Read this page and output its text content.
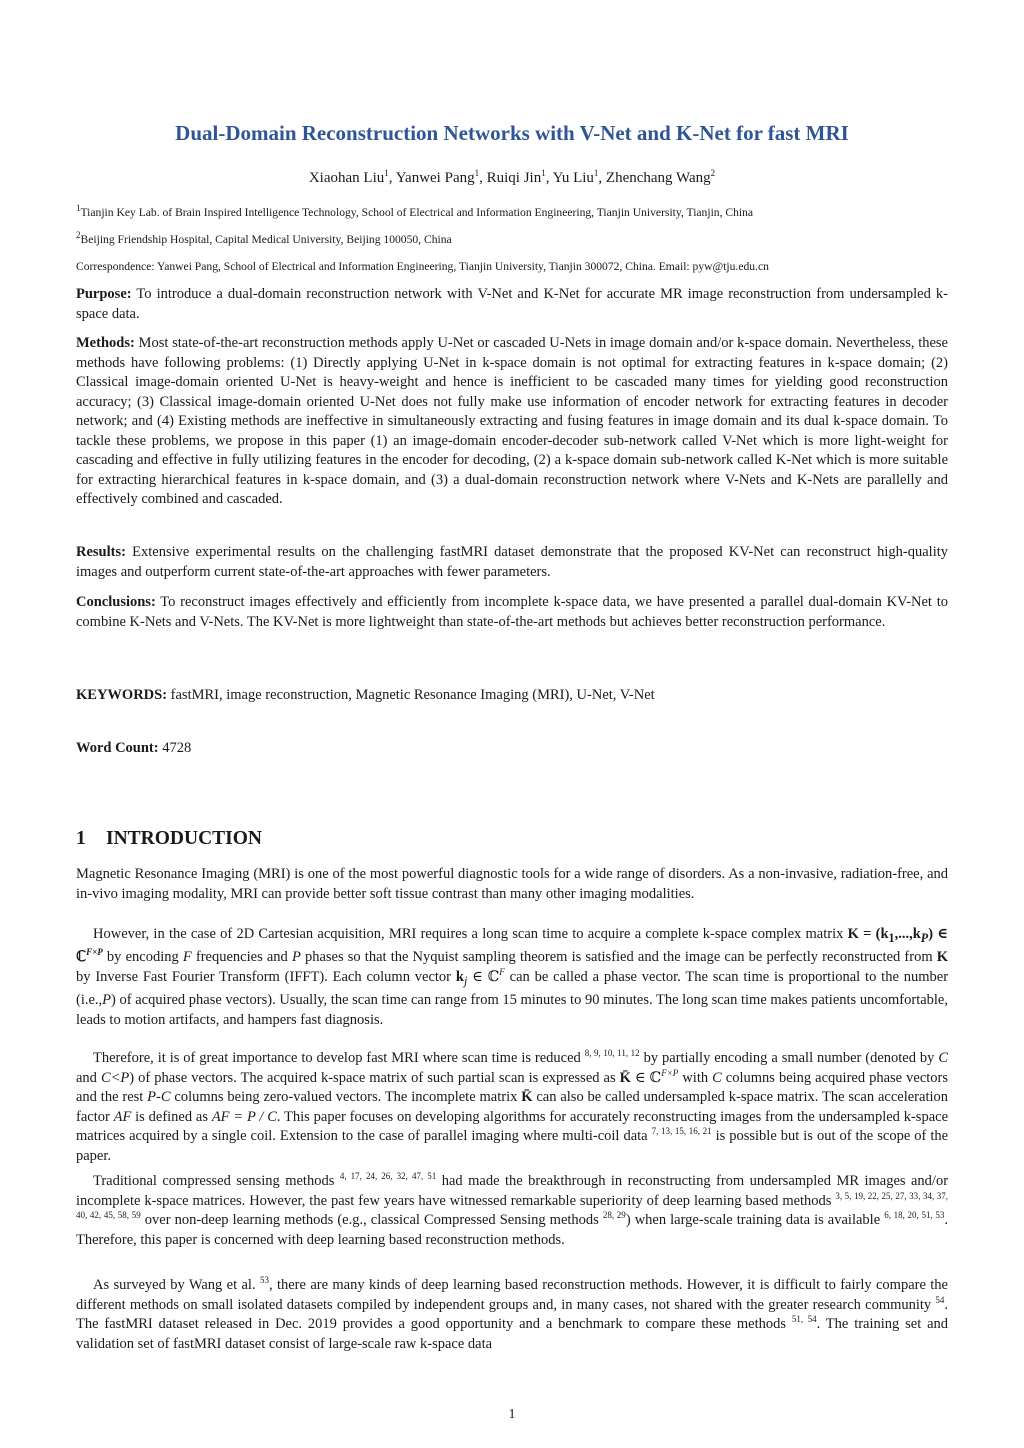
Dual-Domain Reconstruction Networks with V-Net and K-Net for fast MRI
Xiaohan Liu$^1$, Yanwei Pang$^1$, Ruiqi Jin$^1$, Yu Liu$^1$, Zhenchang Wang$^2$
$^1$Tianjin Key Lab. of Brain Inspired Intelligence Technology, School of Electrical and Information Engineering, Tianjin University, Tianjin, China
$^2$Beijing Friendship Hospital, Capital Medical University, Beijing 100050, China
Correspondence: Yanwei Pang, School of Electrical and Information Engineering, Tianjin University, Tianjin 300072, China. Email: pyw@tju.edu.cn
Purpose: To introduce a dual-domain reconstruction network with V-Net and K-Net for accurate MR image reconstruction from undersampled k-space data.
Methods: Most state-of-the-art reconstruction methods apply U-Net or cascaded U-Nets in image domain and/or k-space domain. Nevertheless, these methods have following problems: (1) Directly applying U-Net in k-space domain is not optimal for extracting features in k-space domain; (2) Classical image-domain oriented U-Net is heavy-weight and hence is inefficient to be cascaded many times for yielding good reconstruction accuracy; (3) Classical image-domain oriented U-Net does not fully make use information of encoder network for extracting features in decoder network; and (4) Existing methods are ineffective in simultaneously extracting and fusing features in image domain and its dual k-space domain. To tackle these problems, we propose in this paper (1) an image-domain encoder-decoder sub-network called V-Net which is more light-weight for cascading and effective in fully utilizing features in the encoder for decoding, (2) a k-space domain sub-network called K-Net which is more suitable for extracting hierarchical features in k-space domain, and (3) a dual-domain reconstruction network where V-Nets and K-Nets are parallelly and effectively combined and cascaded.
Results: Extensive experimental results on the challenging fastMRI dataset demonstrate that the proposed KV-Net can reconstruct high-quality images and outperform current state-of-the-art approaches with fewer parameters.
Conclusions: To reconstruct images effectively and efficiently from incomplete k-space data, we have presented a parallel dual-domain KV-Net to combine K-Nets and V-Nets. The KV-Net is more lightweight than state-of-the-art methods but achieves better reconstruction performance.
KEYWORDS: fastMRI, image reconstruction, Magnetic Resonance Imaging (MRI), U-Net, V-Net
Word Count: 4728
1 INTRODUCTION
Magnetic Resonance Imaging (MRI) is one of the most powerful diagnostic tools for a wide range of disorders. As a non-invasive, radiation-free, and in-vivo imaging modality, MRI can provide better soft tissue contrast than many other imaging modalities.
However, in the case of 2D Cartesian acquisition, MRI requires a long scan time to acquire a complete k-space complex matrix $K = (k_1,...,k_P)$ ∈ ℂ$^{F\times P}$ by encoding F frequencies and P phases so that the Nyquist sampling theorem is satisfied and the image can be perfectly reconstructed from K by Inverse Fast Fourier Transform (IFFT). Each column vector $k_j$ ∈ ℂ$^F$ can be called a phase vector. The scan time is proportional to the number (i.e.,P) of acquired phase vectors). Usually, the scan time can range from 15 minutes to 90 minutes. The long scan time makes patients uncomfortable, leads to motion artifacts, and hampers fast diagnosis.
Therefore, it is of great importance to develop fast MRI where scan time is reduced $^{8, 9, 10, 11, 12}$ by partially encoding a small number (denoted by C and C<P) of phase vectors. The acquired k-space matrix of such partial scan is expressed as K̄ ∈ ℂ$^{F\times P}$ with C columns being acquired phase vectors and the rest P-C columns being zero-valued vectors. The incomplete matrix K̄ can also be called undersampled k-space matrix. The scan acceleration factor AF is defined as AF = P / C. This paper focuses on developing algorithms for accurately reconstructing images from the undersampled k-space matrices acquired by a single coil. Extension to the case of parallel imaging where multi-coil data $^{7, 13, 15, 16, 21}$ is possible but is out of the scope of the paper.
Traditional compressed sensing methods $^{4, 17, 24, 26, 32, 47, 51}$ had made the breakthrough in reconstructing from undersampled MR images and/or incomplete k-space matrices. However, the past few years have witnessed remarkable superiority of deep learning based methods $^{3, 5, 19, 22, 25, 27, 33, 34, 37, 40, 42, 45, 58, 59}$ over non-deep learning methods (e.g., classical Compressed Sensing methods $^{28, 29}$) when large-scale training data is available $^{6, 18, 20, 51, 53}$. Therefore, this paper is concerned with deep learning based reconstruction methods.
As surveyed by Wang et al. $^{53}$, there are many kinds of deep learning based reconstruction methods. However, it is difficult to fairly compare the different methods on small isolated datasets compiled by independent groups and, in many cases, not shared with the greater research community $^{54}$. The fastMRI dataset released in Dec. 2019 provides a good opportunity and a benchmark to compare these methods $^{51, 54}$. The training set and validation set of fastMRI dataset consist of large-scale raw k-space data
1
